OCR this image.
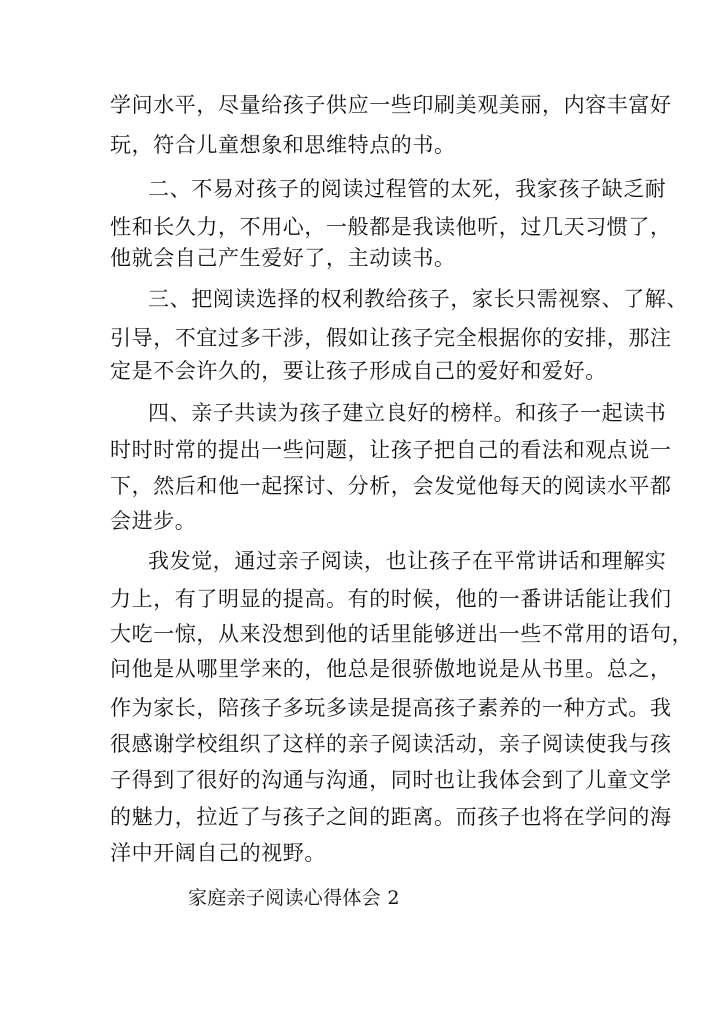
学问水平，尽量给孩子供应一些印刷美观美丽，内容丰富好
玩，符合儿童想象和思维特点的书。
二、不易对孩子的阅读过程管的太死，我家孩子缺乏耐
性和长久力，不用心，一般都是我读他听，过几天习惯了，
他就会自己产生爱好了，主动读书。
三、把阅读选择的权利教给孩子，家长只需视察、了解、
引导，不宜过多干涉，假如让孩子完全根据你的安排，那注
定是不会许久的，要让孩子形成自己的爱好和爱好。
四、亲子共读为孩子建立良好的榜样。和孩子一起读书
时时时常的提出一些问题，让孩子把自己的看法和观点说一
下，然后和他一起探讨、分析，会发觉他每天的阅读水平都
会进步。
我发觉，通过亲子阅读，也让孩子在平常讲话和理解实
力上，有了明显的提高。有的时候，他的一番讲话能让我们
大吃一惊，从来没想到他的话里能够迸出一些不常用的语句，
问他是从哪里学来的，他总是很骄傲地说是从书里。总之，
作为家长，陪孩子多玩多读是提高孩子素养的一种方式。我
很感谢学校组织了这样的亲子阅读活动，亲子阅读使我与孩
子得到了很好的沟通与沟通，同时也让我体会到了儿童文学
的魅力，拉近了与孩子之间的距离。而孩子也将在学问的海
洋中开阔自己的视野。
家庭亲子阅读心得体会 2
